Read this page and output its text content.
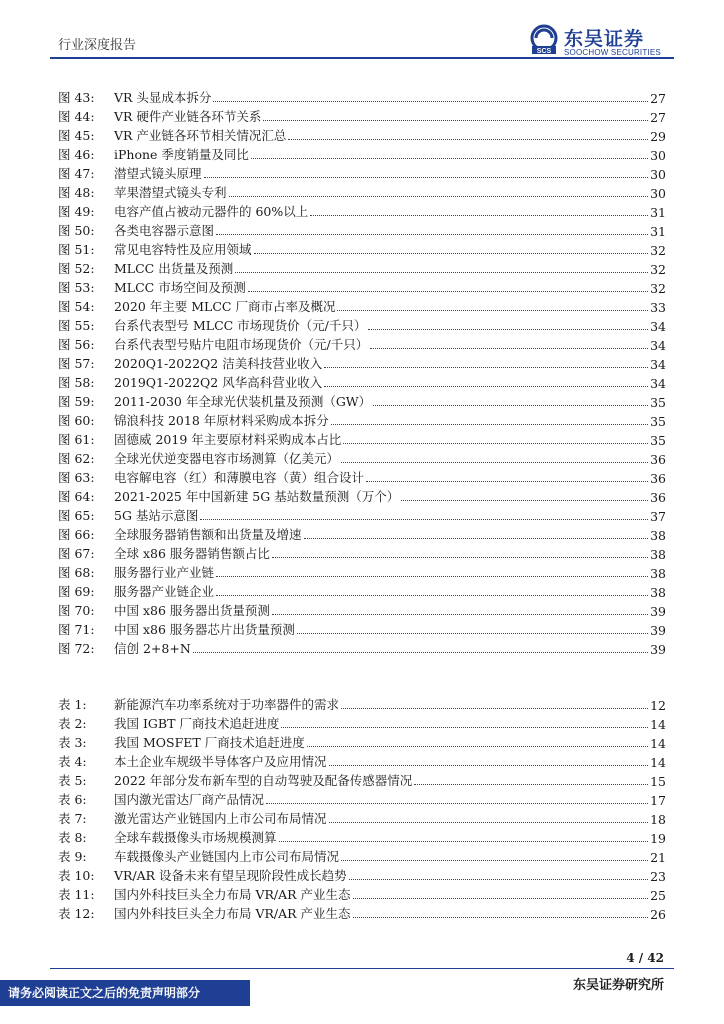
行业深度报告	SCS
东吴证券
SOOCHOW SECURITIES
图 43:	VR 头显成本拆分	27
图 44:	VR 硬件产业链各环节关系	27
图 45:	VR 产业链各环节相关情况汇总	29
图 46:	iPhone 季度销量及同比	30
图 47:	潜望式镜头原理	30
图 48:	苹果潜望式镜头专利	30
图 49:	电容产值占被动元器件的 60%以上	31
图 50:	各类电容器示意图	31
图 51:	常见电容特性及应用领域	32
图 52:	MLCC 出货量及预测	32
图 53:	MLCC 市场空间及预测	32
图 54:	2020 年主要 MLCC 厂商市占率及概况	33
图 55:	台系代表型号 MLCC 市场现货价（元/千只）	34
图 56:	台系代表型号贴片电阻市场现货价（元/千只）	34
图 57:	2020Q1-2022Q2 洁美科技营业收入	34
图 58:	2019Q1-2022Q2 风华高科营业收入	34
图 59:	2011-2030 年全球光伏装机量及预测（GW）	35
图 60:	锦浪科技 2018 年原材料采购成本拆分	35
图 61:	固德威 2019 年主要原材料采购成本占比	35
图 62:	全球光伏逆变器电容市场测算（亿美元）	36
图 63:	电容解电容（红）和薄膜电容（黄）组合设计	36
图 64:	2021-2025 年中国新建 5G 基站数量预测（万个）	36
图 65:	5G 基站示意图	37
图 66:	全球服务器销售额和出货量及增速	38
图 67:	全球 x86 服务器销售额占比	38
图 68:	服务器行业产业链	38
图 69:	服务器产业链企业	38
图 70:	中国 x86 服务器出货量预测	39
图 71:	中国 x86 服务器芯片出货量预测	39
图 72:	信创 2+8+N	39
表 1:	新能源汽车功率系统对于功率器件的需求	12
表 2:	我国 IGBT 厂商技术追赶进度	14
表 3:	我国 MOSFET 厂商技术追赶进度	14
表 4:	本土企业车规级半导体客户及应用情况	14
表 5:	2022 年部分发布新车型的自动驾驶及配备传感器情况	15
表 6:	国内激光雷达厂商产品情况	17
表 7:	激光雷达产业链国内上市公司布局情况	18
表 8:	全球车载摄像头市场规模测算	19
表 9:	车载摄像头产业链国内上市公司布局情况	21
表 10:	VR/AR 设备未来有望呈现阶段性成长趋势	23
表 11:	国内外科技巨头全力布局 VR/AR 产业生态	25
表 12:	国内外科技巨头全力布局 VR/AR 产业生态	26
4 / 42
请务必阅读正文之后的免责声明部分	东吴证券研究所
